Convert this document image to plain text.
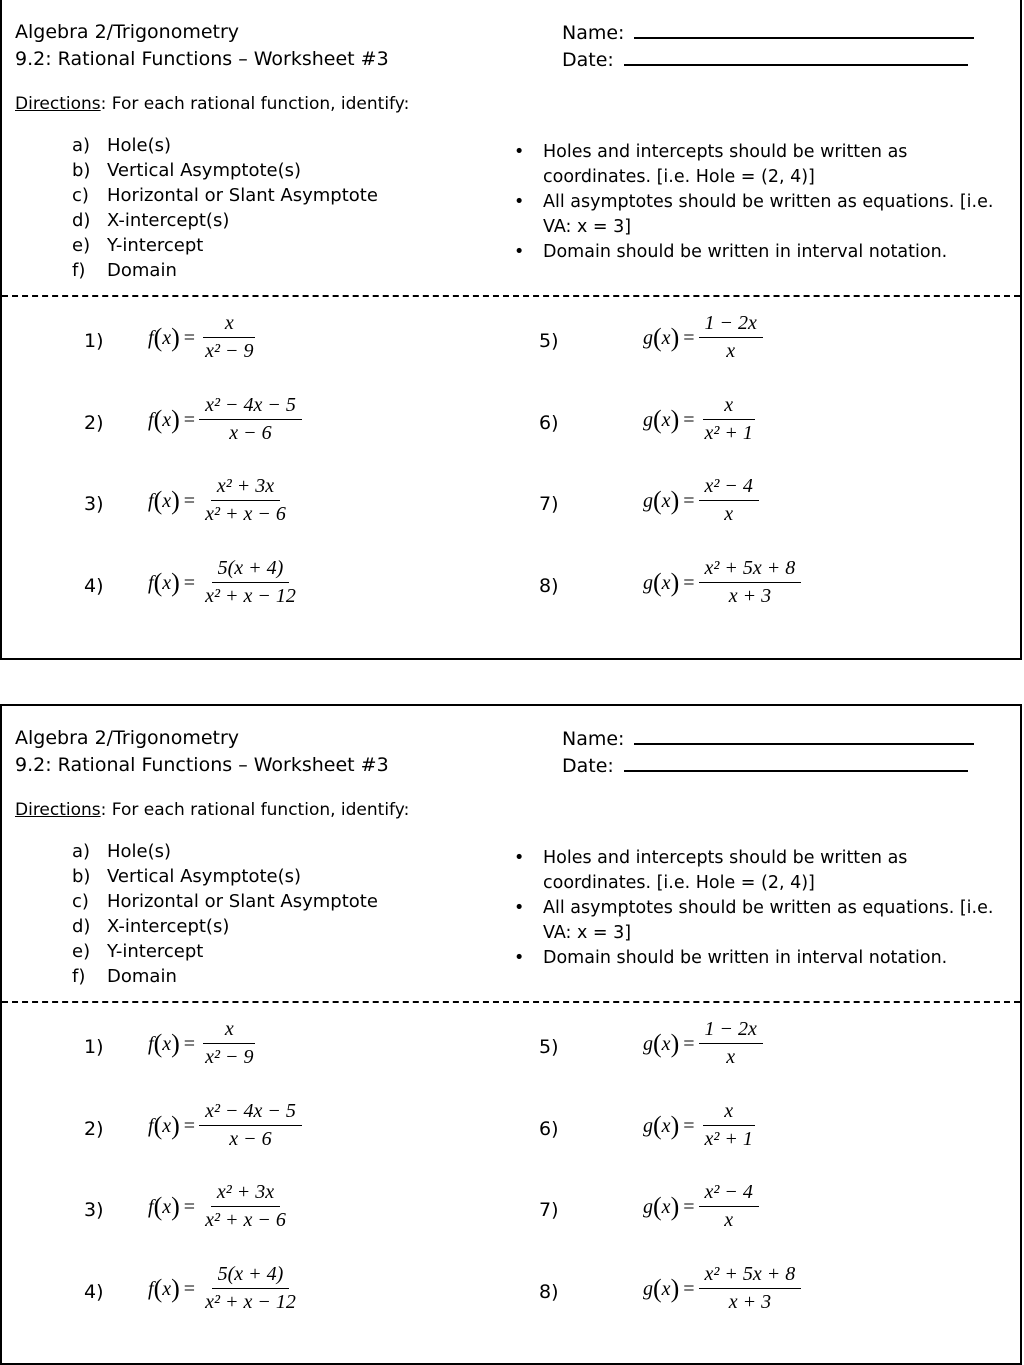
Algebra 2/Trigonometry
9.2: Rational Functions – Worksheet #3
Name:
Date:
Directions: For each rational function, identify:
a) Hole(s)
b) Vertical Asymptote(s)
c) Horizontal or Slant Asymptote
d) X-intercept(s)
e) Y-intercept
f) Domain
• Holes and intercepts should be written as coordinates. [i.e. Hole = (2, 4)]
• All asymptotes should be written as equations. [i.e. VA: x = 3]
• Domain should be written in interval notation.
1) $f(x) = \frac{x}{\text{x² − 9}}$
2) $f(x) = \frac{\text{x² − 4x − 5}}{x - 6}$
3) $f(x) = \frac{\text{x² + 3x}}{\text{x² + x − 6}}$
4) $f(x) = \frac{5(x + 4)}{\text{x² + x − 12}}$
5)	$g(x) = \frac{1 - 2x}{x}$
6)	$g(x) = \frac{x}{\text{x² + 1}}$
7)	$g(x) = \frac{\text{x² − 4}}{x}$
8)	$g(x) = \frac{\text{x² + 5x + 8}}{x + 3}$
Algebra 2/Trigonometry
9.2: Rational Functions – Worksheet #3
Name:
Date:
Directions: For each rational function, identify:
a) Hole(s)
b) Vertical Asymptote(s)
c) Horizontal or Slant Asymptote
d) X-intercept(s)
e) Y-intercept
f) Domain
• Holes and intercepts should be written as coordinates. [i.e. Hole = (2, 4)]
• All asymptotes should be written as equations. [i.e. VA: x = 3]
• Domain should be written in interval notation.
1) $f(x) = \frac{x}{\text{x² − 9}}$
2) $f(x) = \frac{\text{x² − 4x − 5}}{x - 6}$
3) $f(x) = \frac{\text{x² + 3x}}{\text{x² + x − 6}}$
4) $f(x) = \frac{5(x + 4)}{\text{x² + x − 12}}$
5)	$g(x) = \frac{1 - 2x}{x}$
6)	$g(x) = \frac{x}{\text{x² + 1}}$
7)	$g(x) = \frac{\text{x² − 4}}{x}$
8)	$g(x) = \frac{\text{x² + 5x + 8}}{x + 3}$
